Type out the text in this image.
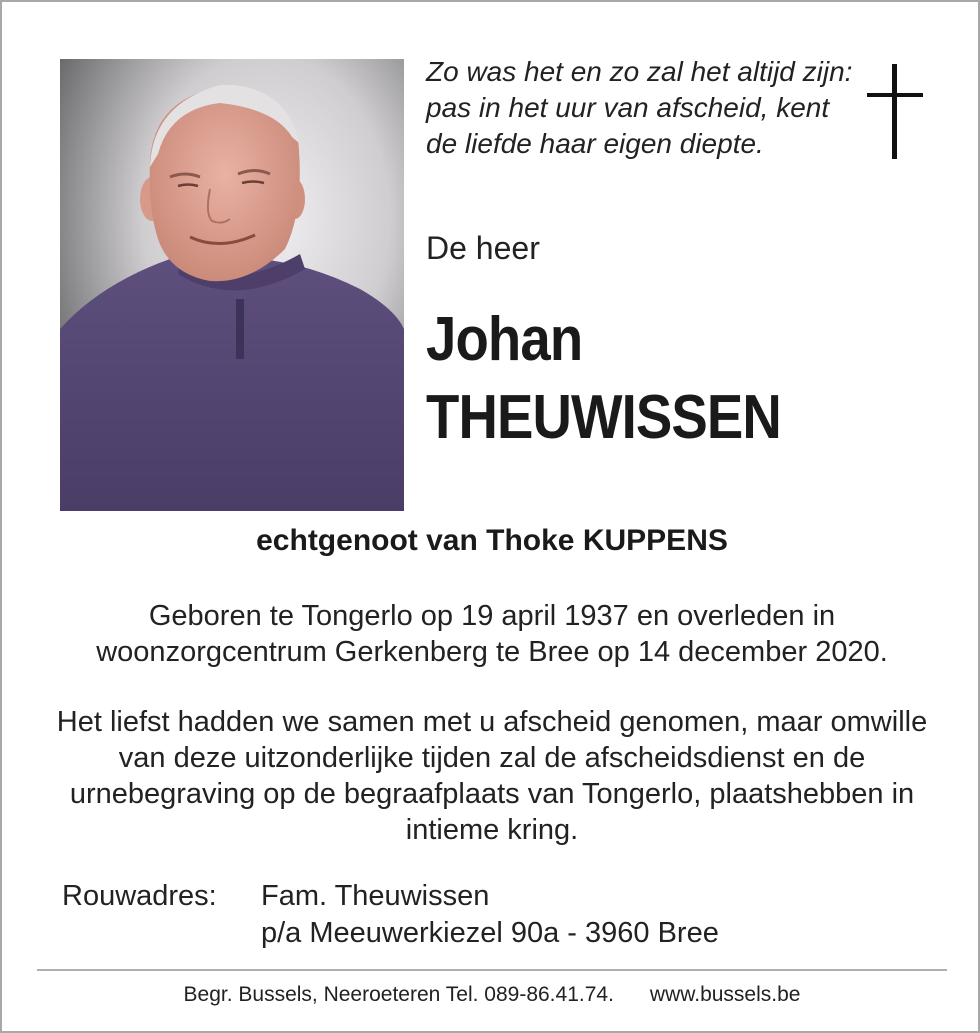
Zo was het en zo zal het altijd zijn: pas in het uur van afscheid, kent de liefde haar eigen diepte.
De heer
Johan
THEUWISSEN
echtgenoot van Thoke KUPPENS
Geboren te Tongerlo op 19 april 1937 en overleden in woonzorgcentrum Gerkenberg te Bree op 14 december 2020.
Het liefst hadden we samen met u afscheid genomen, maar omwille van deze uitzonderlijke tijden zal de afscheidsdienst en de urnebegraving op de begraafplaats van Tongerlo, plaatshebben in intieme kring.
Rouwadres: Fam. Theuwissen
p/a Meeuwerkiezel 90a - 3960 Bree
Begr. Bussels, Neeroeteren Tel. 089-86.41.74. www.bussels.be
